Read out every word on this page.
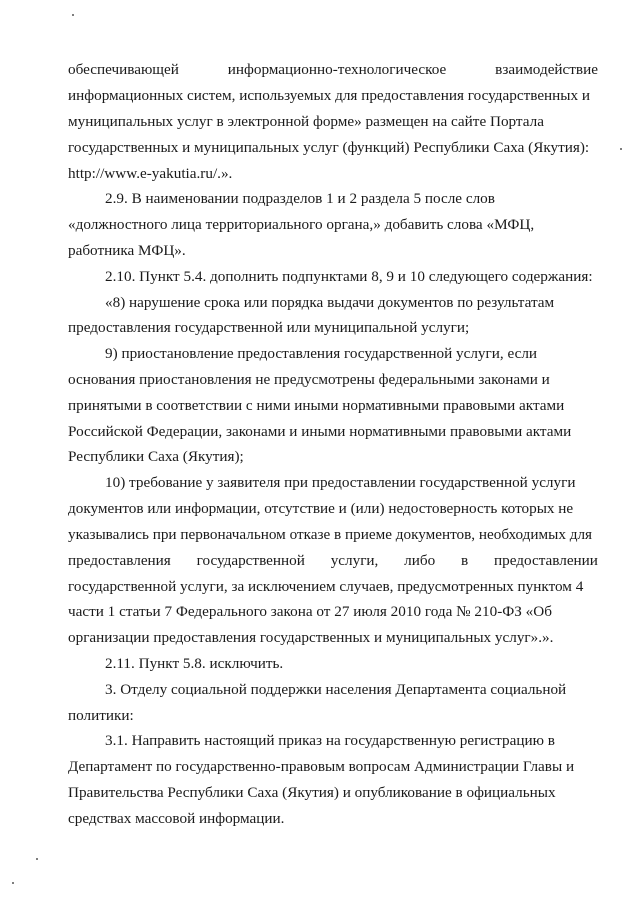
обеспечивающей	информационно-технологическое	взаимодействие
информационных систем, используемых для предоставления государственных и
муниципальных услуг в электронной форме» размещен на сайте Портала
государственных и муниципальных услуг (функций) Республики Саха (Якутия):
http://www.e-yakutia.ru/.».
2.9. В наименовании подразделов 1 и 2 раздела 5 после слов
«должностного лица территориального органа,» добавить слова «МФЦ,
работника МФЦ».
2.10. Пункт 5.4. дополнить подпунктами 8, 9 и 10 следующего содержания:
«8) нарушение срока или порядка выдачи документов по результатам
предоставления государственной или муниципальной услуги;
9) приостановление предоставления государственной услуги, если
основания приостановления не предусмотрены федеральными законами и
принятыми в соответствии с ними иными нормативными правовыми актами
Российской Федерации, законами и иными нормативными правовыми актами
Республики Саха (Якутия);
10) требование у заявителя при предоставлении государственной услуги
документов или информации, отсутствие и (или) недостоверность которых не
указывались при первоначальном отказе в приеме документов, необходимых для
предоставления государственной услуги, либо в предоставлении
государственной услуги, за исключением случаев, предусмотренных пунктом 4
части 1 статьи 7 Федерального закона от 27 июля 2010 года № 210-ФЗ «Об
организации предоставления государственных и муниципальных услуг».».
2.11. Пункт 5.8. исключить.
3. Отделу социальной поддержки населения Департамента социальной
политики:
3.1. Направить настоящий приказ на государственную регистрацию в
Департамент по государственно-правовым вопросам Администрации Главы и
Правительства Республики Саха (Якутия) и опубликование в официальных
средствах массовой информации.
